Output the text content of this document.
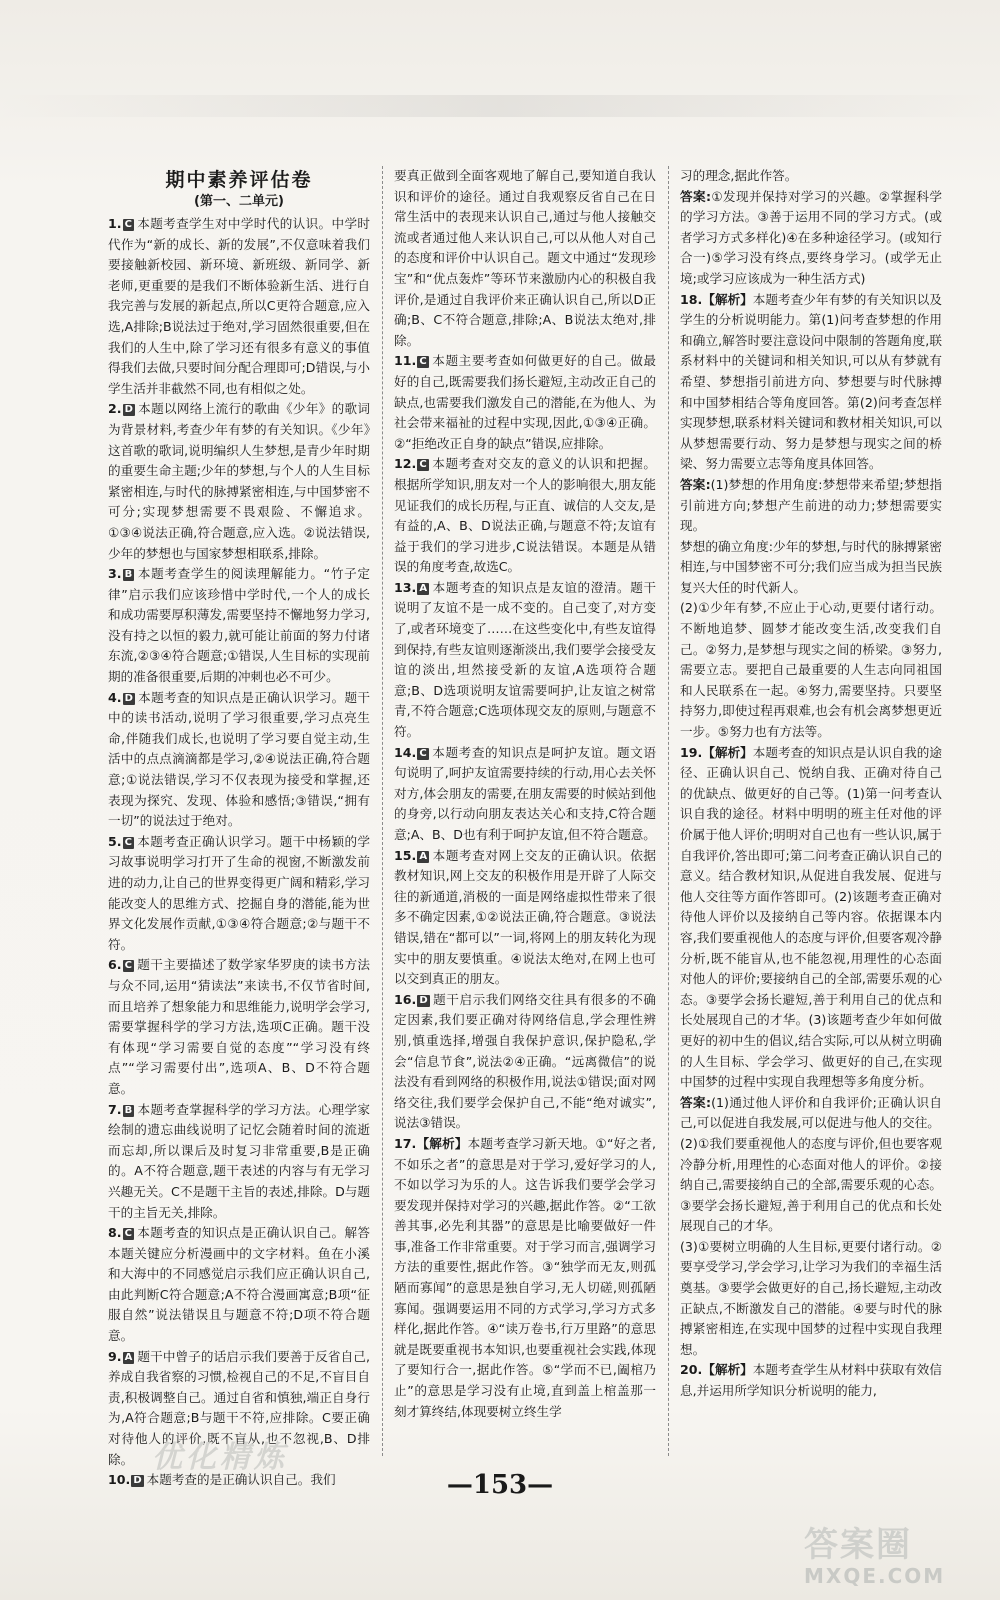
期中素养评估卷
(第一、二单元)

1. C 本题考查学生对中学时代的认识。中学时代作为“新的成长、新的发展”,不仅意味着我们要接触新校园、新环境、新班级、新同学、新老师,更重要的是我们不断体验新生活、进行自我完善与发展的新起点,所以C更符合题意,应入选,A排除;B说法过于绝对,学习固然很重要,但在我们的人生中,除了学习还有很多有意义的事值得我们去做,只要时间分配合理即可;D错误,与小学生活并非截然不同,也有相似之处。

2. D 本题以网络上流行的歌曲《少年》的歌词为背景材料,考查少年有梦的有关知识。《少年》这首歌的歌词,说明编织人生梦想,是青少年时期的重要生命主题;少年的梦想,与个人的人生目标紧密相连,与时代的脉搏紧密相连,与中国梦密不可分;实现梦想需要不畏艰险、不懈追求。①③④说法正确,符合题意,应入选。②说法错误,少年的梦想也与国家梦想相联系,排除。

3. B 本题考查学生的阅读理解能力。“竹子定律”启示我们应该珍惜中学时代,一个人的成长和成功需要厚积薄发,需要坚持不懈地努力学习,没有持之以恒的毅力,就可能让前面的努力付诸东流,②③④符合题意;①错误,人生目标的实现前期的准备很重要,后期的冲刺也必不可少。

4. D 本题考查的知识点是正确认识学习。题干中的读书活动,说明了学习很重要,学习点亮生命,伴随我们成长,也说明了学习要自觉主动,生活中的点点滴滴都是学习,②④说法正确,符合题意;①说法错误,学习不仅表现为接受和掌握,还表现为探究、发现、体验和感悟;③错误,“拥有一切”的说法过于绝对。

5. C 本题考查正确认识学习。题干中杨颖的学习故事说明学习打开了生命的视窗,不断激发前进的动力,让自己的世界变得更广阔和精彩,学习能改变人的思维方式、挖掘自身的潜能,能为世界文化发展作贡献,①③④符合题意;②与题干不符。

6. C 题干主要描述了数学家华罗庚的读书方法与众不同,运用“猜读法”来读书,不仅节省时间,而且培养了想象能力和思维能力,说明学会学习,需要掌握科学的学习方法,选项C正确。题干没有体现“学习需要自觉的态度”“学习没有终点”“学习需要付出”,选项A、B、D不符合题意。

7. B 本题考查掌握科学的学习方法。心理学家绘制的遗忘曲线说明了记忆会随着时间的流逝而忘却,所以课后及时复习非常重要,B是正确的。A不符合题意,题干表述的内容与有无学习兴趣无关。C不是题干主旨的表述,排除。D与题干的主旨无关,排除。

8. C 本题考查的知识点是正确认识自己。解答本题关键应分析漫画中的文字材料。鱼在小溪和大海中的不同感觉启示我们应正确认识自己,由此判断C符合题意;A不符合漫画寓意;B项“征服自然”说法错误且与题意不符;D项不符合题意。

9. A 题干中曾子的话启示我们要善于反省自己,养成自我省察的习惯,检视自己的不足,不盲目自责,积极调整自己。通过自省和慎独,端正自身行为,A符合题意;B与题干不符,应排除。C要正确对待他人的评价,既不盲从,也不忽视,B、D排除。

10. D 本题考查的是正确认识自己。我们

要真正做到全面客观地了解自己,要知道自我认识和评价的途径。通过自我观察反省自己在日常生活中的表现来认识自己,通过与他人接触交流或者通过他人来认识自己,可以从他人对自己的态度和评价中认识自己。题文中通过“发现珍宝”和“优点轰炸”等环节来激励内心的积极自我评价,是通过自我评价来正确认识自己,所以D正确;B、C不符合题意,排除;A、B说法太绝对,排除。

11. C 本题主要考查如何做更好的自己。做最好的自己,既需要我们扬长避短,主动改正自己的缺点,也需要我们激发自己的潜能,在为他人、为社会带来福祉的过程中实现,因此,①③④正确。②“拒绝改正自身的缺点”错误,应排除。

12. C 本题考查对交友的意义的认识和把握。根据所学知识,朋友对一个人的影响很大,朋友能见证我们的成长历程,与正直、诚信的人交友,是有益的,A、B、D说法正确,与题意不符;友谊有益于我们的学习进步,C说法错误。本题是从错误的角度考查,故选C。

13. A 本题考查的知识点是友谊的澄清。题干说明了友谊不是一成不变的。自己变了,对方变了,或者环境变了……在这些变化中,有些友谊得到保持,有些友谊则逐渐淡出,我们要学会接受友谊的淡出,坦然接受新的友谊,A选项符合题意;B、D选项说明友谊需要呵护,让友谊之树常青,不符合题意;C选项体现交友的原则,与题意不符。

14. C 本题考查的知识点是呵护友谊。题文语句说明了,呵护友谊需要持续的行动,用心去关怀对方,体会朋友的需要,在朋友需要的时候站到他的身旁,以行动向朋友表达关心和支持,C符合题意;A、B、D也有利于呵护友谊,但不符合题意。

15. A 本题考查对网上交友的正确认识。依据教材知识,网上交友的积极作用是开辟了人际交往的新通道,消极的一面是网络虚拟性带来了很多不确定因素,①②说法正确,符合题意。③说法错误,错在“都可以”一词,将网上的朋友转化为现实中的朋友要慎重。④说法太绝对,在网上也可以交到真正的朋友。

16. D 题干启示我们网络交往具有很多的不确定因素,我们要正确对待网络信息,学会理性辨别,慎重选择,增强自我保护意识,保护隐私,学会“信息节食”,说法②④正确。“远离微信”的说法没有看到网络的积极作用,说法①错误;面对网络交往,我们要学会保护自己,不能“绝对诚实”,说法③错误。

17.【解析】本题考查学习新天地。①“好之者,不如乐之者”的意思是对于学习,爱好学习的人,不如以学习为乐的人。这告诉我们要学会学习要发现并保持对学习的兴趣,据此作答。②“工欲善其事,必先利其器”的意思是比喻要做好一件事,准备工作非常重要。对于学习而言,强调学习方法的重要性,据此作答。③“独学而无友,则孤陋而寡闻”的意思是独自学习,无人切磋,则孤陋寡闻。强调要运用不同的方式学习,学习方式多样化,据此作答。④“读万卷书,行万里路”的意思就是既要重视书本知识,也要重视社会实践,体现了要知行合一,据此作答。⑤“学而不已,阖棺乃止”的意思是学习没有止境,直到盖上棺盖那一刻才算终结,体现要树立终生学

习的理念,据此作答。

答案:①发现并保持对学习的兴趣。②掌握科学的学习方法。③善于运用不同的学习方式。(或者学习方式多样化)④在多种途径学习。(或知行合一)⑤学习没有终点,要终身学习。(或学无止境;或学习应该成为一种生活方式)

18.【解析】本题考查少年有梦的有关知识以及学生的分析说明能力。第(1)问考查梦想的作用和确立,解答时要注意设问中限制的答题角度,联系材料中的关键词和相关知识,可以从有梦就有希望、梦想指引前进方向、梦想要与时代脉搏和中国梦相结合等角度回答。第(2)问考查怎样实现梦想,联系材料关键词和教材相关知识,可以从梦想需要行动、努力是梦想与现实之间的桥梁、努力需要立志等角度具体回答。

答案:(1)梦想的作用角度:梦想带来希望;梦想指引前进方向;梦想产生前进的动力;梦想需要实现。

梦想的确立角度:少年的梦想,与时代的脉搏紧密相连,与中国梦密不可分;我们应当成为担当民族复兴大任的时代新人。

(2)①少年有梦,不应止于心动,更要付诸行动。不断地追梦、圆梦才能改变生活,改变我们自己。②努力,是梦想与现实之间的桥梁。③努力,需要立志。要把自己最重要的人生志向同祖国和人民联系在一起。④努力,需要坚持。只要坚持努力,即使过程再艰难,也会有机会离梦想更近一步。⑤努力也有方法等。

19.【解析】本题考查的知识点是认识自我的途径、正确认识自己、悦纳自我、正确对待自己的优缺点、做更好的自己等。(1)第一问考查认识自我的途径。材料中明明的班主任对他的评价属于他人评价;明明对自己也有一些认识,属于自我评价,答出即可;第二问考查正确认识自己的意义。结合教材知识,从促进自我发展、促进与他人交往等方面作答即可。(2)该题考查正确对待他人评价以及接纳自己等内容。依据课本内容,我们要重视他人的态度与评价,但要客观冷静分析,既不能盲从,也不能忽视,用理性的心态面对他人的评价;要接纳自己的全部,需要乐观的心态。③要学会扬长避短,善于利用自己的优点和长处展现自己的才华。(3)该题考查少年如何做更好的初中生的倡议,结合实际,可以从树立明确的人生目标、学会学习、做更好的自己,在实现中国梦的过程中实现自我理想等多角度分析。

答案:(1)通过他人评价和自我评价;正确认识自己,可以促进自我发展,可以促进与他人的交往。

(2)①我们要重视他人的态度与评价,但也要客观冷静分析,用理性的心态面对他人的评价。②接纳自己,需要接纳自己的全部,需要乐观的心态。③要学会扬长避短,善于利用自己的优点和长处展现自己的才华。

(3)①要树立明确的人生目标,更要付诸行动。②要享受学习,学会学习,让学习为我们的幸福生活奠基。③要学会做更好的自己,扬长避短,主动改正缺点,不断激发自己的潜能。④要与时代的脉搏紧密相连,在实现中国梦的过程中实现自我理想。

20.【解析】本题考查学生从材料中获取有效信息,并运用所学知识分析说明的能力,

—153—
优化精炼
答案圈
MXQE.COM
